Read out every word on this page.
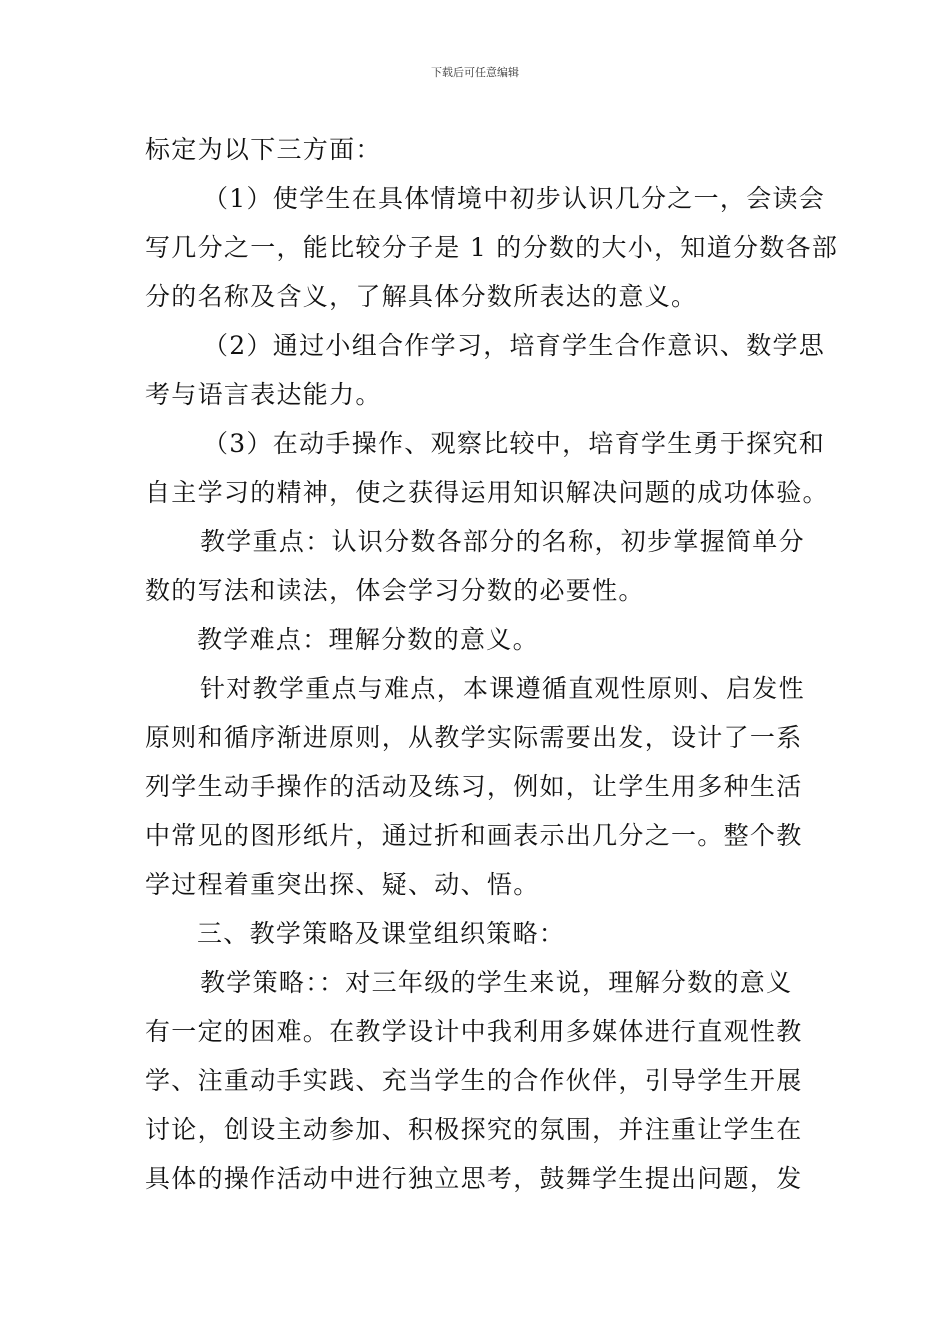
下载后可任意编辑
标定为以下三方面：
（1）使学生在具体情境中初步认识几分之一，会读会
写几分之一，能比较分子是 1 的分数的大小，知道分数各部
分的名称及含义，了解具体分数所表达的意义。
（2）通过小组合作学习，培育学生合作意识、数学思
考与语言表达能力。
（3）在动手操作、观察比较中，培育学生勇于探究和
自主学习的精神，使之获得运用知识解决问题的成功体验。
教学重点：认识分数各部分的名称，初步掌握简单分
数的写法和读法，体会学习分数的必要性。
教学难点：理解分数的意义。
针对教学重点与难点，本课遵循直观性原则、启发性
原则和循序渐进原则，从教学实际需要出发，设计了一系
列学生动手操作的活动及练习，例如，让学生用多种生活
中常见的图形纸片，通过折和画表示出几分之一。整个教
学过程着重突出探、疑、动、悟。
三、教学策略及课堂组织策略：
教学策略：：对三年级的学生来说，理解分数的意义
有一定的困难。在教学设计中我利用多媒体进行直观性教
学、注重动手实践、充当学生的合作伙伴，引导学生开展
讨论，创设主动参加、积极探究的氛围，并注重让学生在
具体的操作活动中进行独立思考，鼓舞学生提出问题，发
